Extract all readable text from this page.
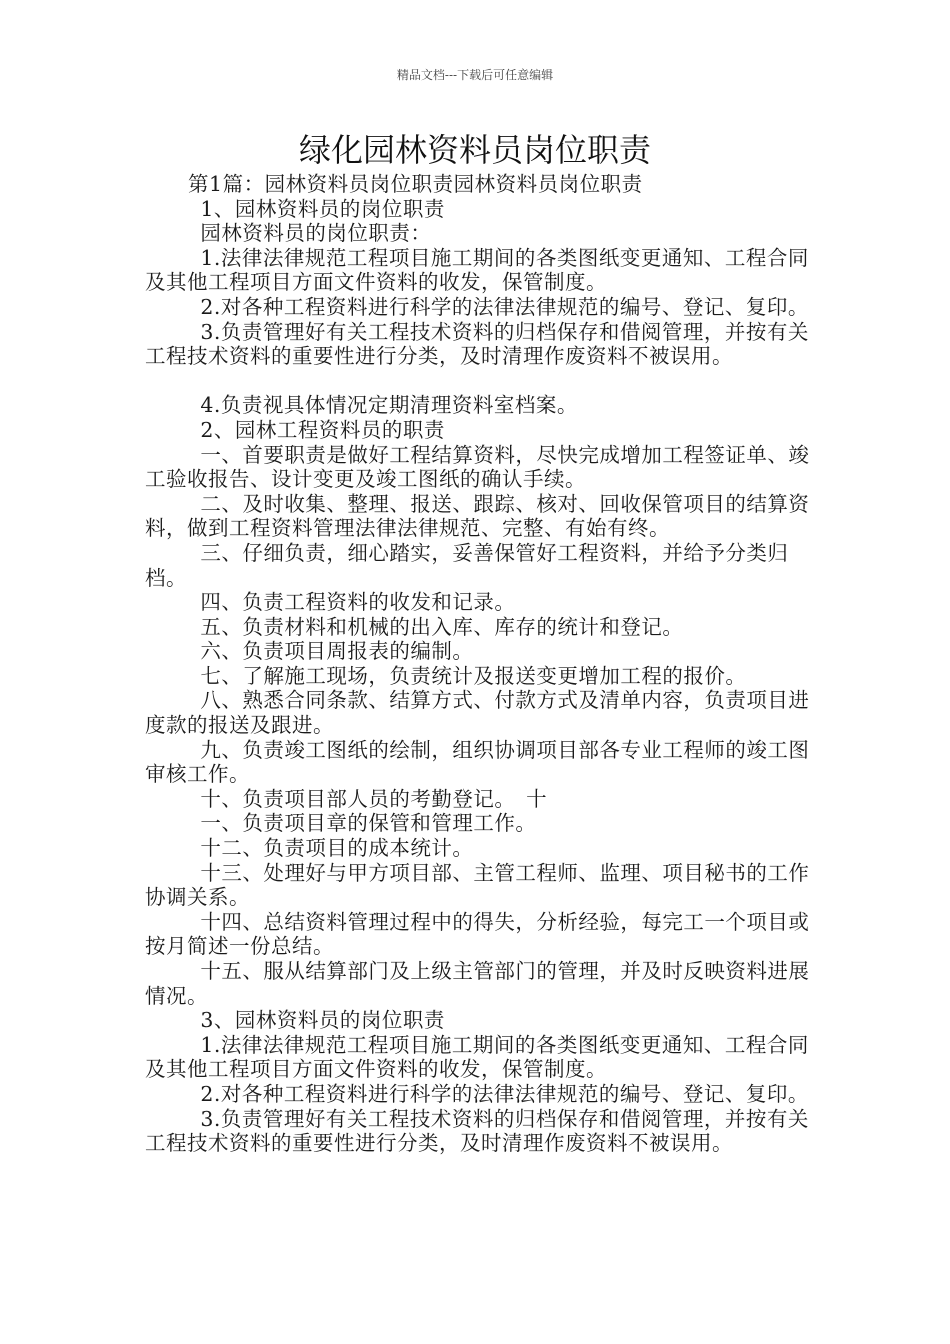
精品文档---下载后可任意编辑
绿化园林资料员岗位职责

第1篇：园林资料员岗位职责园林资料员岗位职责

1、园林资料员的岗位职责

园林资料员的岗位职责：

1.法律法律规范工程项目施工期间的各类图纸变更通知、工程合同及其他工程项目方面文件资料的收发，保管制度。

2.对各种工程资料进行科学的法律法律规范的编号、登记、复印。

3.负责管理好有关工程技术资料的归档保存和借阅管理，并按有关工程技术资料的重要性进行分类，及时清理作废资料不被误用。

4.负责视具体情况定期清理资料室档案。

2、园林工程资料员的职责

一、首要职责是做好工程结算资料，尽快完成增加工程签证单、竣工验收报告、设计变更及竣工图纸的确认手续。

二、及时收集、整理、报送、跟踪、核对、回收保管项目的结算资料，做到工程资料管理法律法律规范、完整、有始有终。

三、仔细负责，细心踏实，妥善保管好工程资料，并给予分类归档。

四、负责工程资料的收发和记录。

五、负责材料和机械的出入库、库存的统计和登记。

六、负责项目周报表的编制。

七、了解施工现场，负责统计及报送变更增加工程的报价。

八、熟悉合同条款、结算方式、付款方式及清单内容，负责项目进度款的报送及跟进。

九、负责竣工图纸的绘制，组织协调项目部各专业工程师的竣工图审核工作。

十、负责项目部人员的考勤登记。　十

一、负责项目章的保管和管理工作。

十二、负责项目的成本统计。

十三、处理好与甲方项目部、主管工程师、监理、项目秘书的工作协调关系。

十四、总结资料管理过程中的得失，分析经验，每完工一个项目或按月简述一份总结。

十五、服从结算部门及上级主管部门的管理，并及时反映资料进展情况。

3、园林资料员的岗位职责

1.法律法律规范工程项目施工期间的各类图纸变更通知、工程合同及其他工程项目方面文件资料的收发，保管制度。

2.对各种工程资料进行科学的法律法律规范的编号、登记、复印。

3.负责管理好有关工程技术资料的归档保存和借阅管理，并按有关工程技术资料的重要性进行分类，及时清理作废资料不被误用。
